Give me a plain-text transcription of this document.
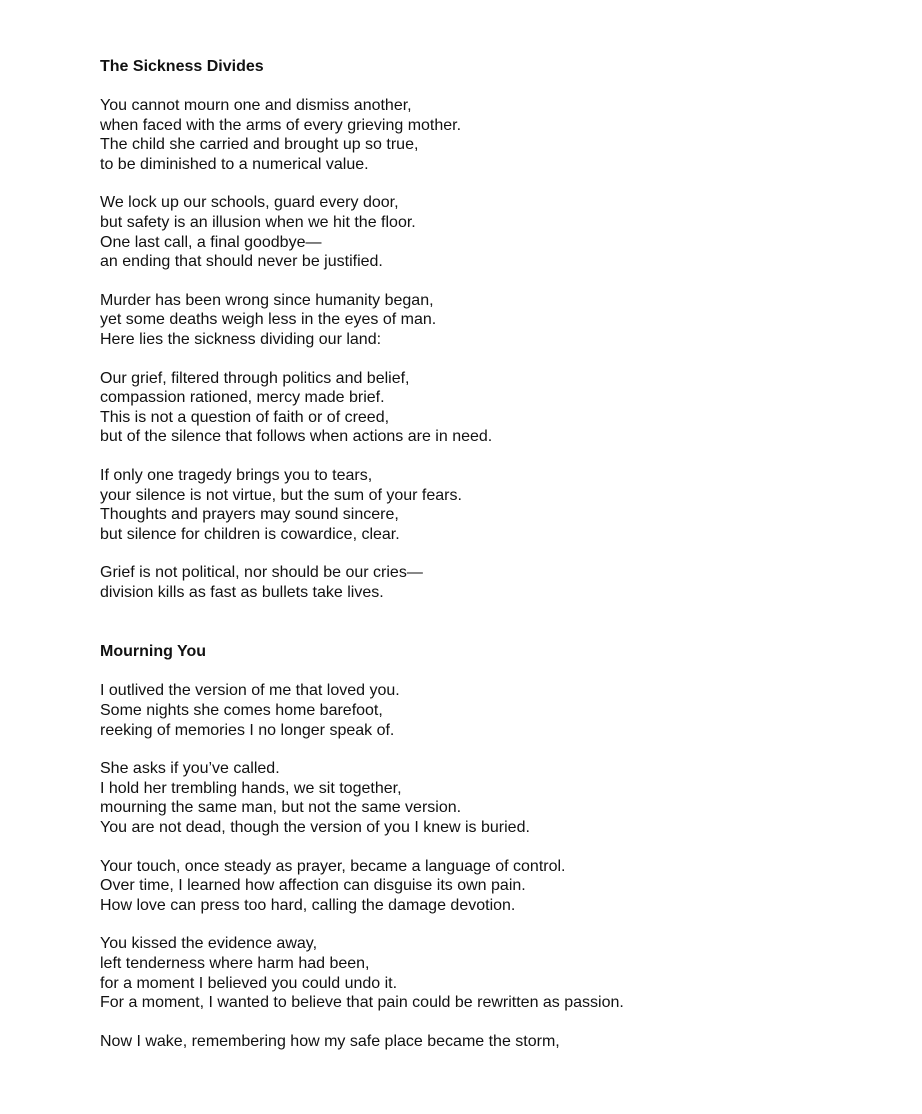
The Sickness Divides
You cannot mourn one and dismiss another,
when faced with the arms of every grieving mother.
The child she carried and brought up so true,
to be diminished to a numerical value.
We lock up our schools, guard every door,
but safety is an illusion when we hit the floor.
One last call, a final goodbye—
an ending that should never be justified.
Murder has been wrong since humanity began,
yet some deaths weigh less in the eyes of man.
Here lies the sickness dividing our land:
Our grief, filtered through politics and belief,
compassion rationed, mercy made brief.
This is not a question of faith or of creed,
but of the silence that follows when actions are in need.
If only one tragedy brings you to tears,
your silence is not virtue, but the sum of your fears.
Thoughts and prayers may sound sincere,
but silence for children is cowardice, clear.
Grief is not political, nor should be our cries—
division kills as fast as bullets take lives.
Mourning You
I outlived the version of me that loved you.
Some nights she comes home barefoot,
reeking of memories I no longer speak of.
She asks if you’ve called.
I hold her trembling hands, we sit together,
mourning the same man, but not the same version.
You are not dead, though the version of you I knew is buried.
Your touch, once steady as prayer, became a language of control.
Over time, I learned how affection can disguise its own pain.
How love can press too hard, calling the damage devotion.
You kissed the evidence away,
left tenderness where harm had been,
for a moment I believed you could undo it.
For a moment, I wanted to believe that pain could be rewritten as passion.
Now I wake, remembering how my safe place became the storm,
